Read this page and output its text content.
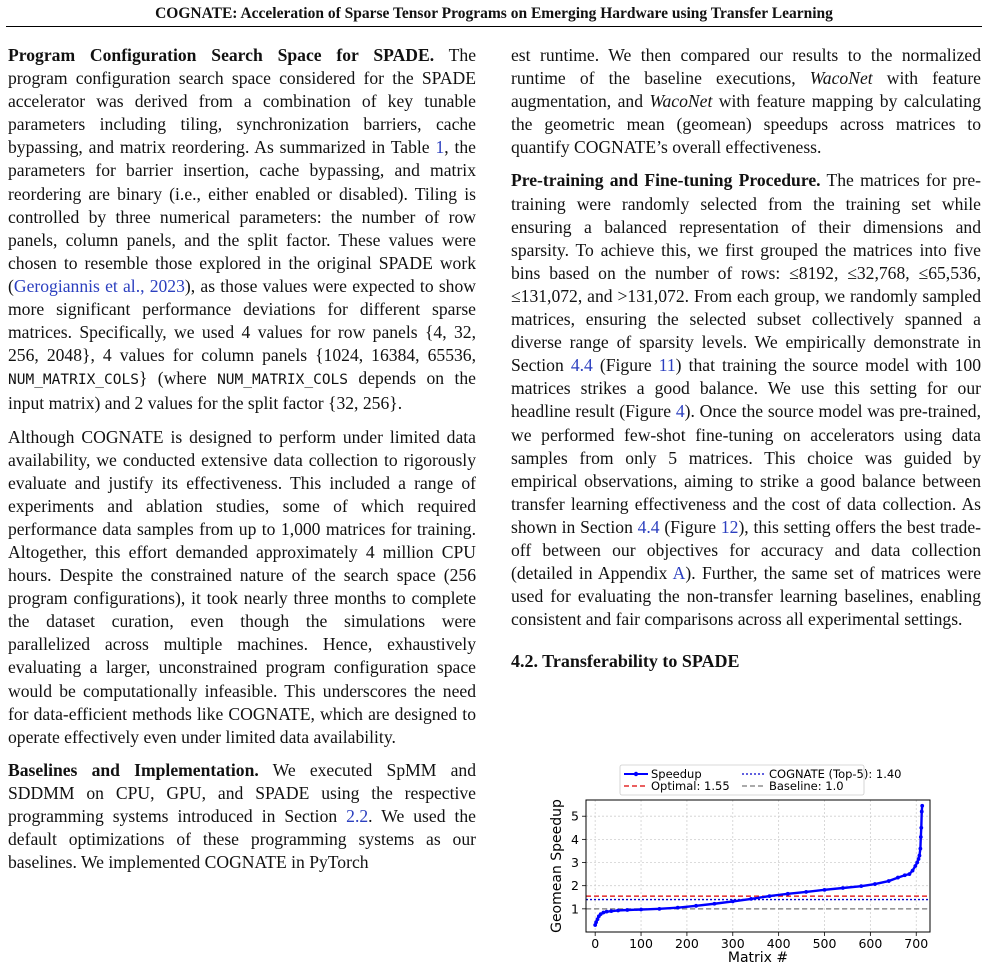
COGNATE: Acceleration of Sparse Tensor Programs on Emerging Hardware using Transfer Learning

Program Configuration Search Space for SPADE. The program configuration search space considered for the SPADE accelerator was derived from a combination of key tunable parameters including tiling, synchronization barriers, cache bypassing, and matrix reordering. As summarized in Table 1, the parameters for barrier insertion, cache bypassing, and matrix reordering are binary (i.e., either enabled or disabled). Tiling is controlled by three numerical parameters: the number of row panels, column panels, and the split factor. These values were chosen to resemble those explored in the original SPADE work (Gerogiannis et al., 2023), as those values were expected to show more significant performance deviations for different sparse matrices. Specifically, we used 4 values for row panels {4, 32, 256, 2048}, 4 values for column panels {1024, 16384, 65536, NUM_MATRIX_COLS} (where NUM_MATRIX_COLS depends on the input matrix) and 2 values for the split factor {32, 256}.

Although COGNATE is designed to perform under limited data availability, we conducted extensive data collection to rigorously evaluate and justify its effectiveness. This included a range of experiments and ablation studies, some of which required performance data samples from up to 1,000 matrices for training. Altogether, this effort demanded approximately 4 million CPU hours. Despite the constrained nature of the search space (256 program configurations), it took nearly three months to complete the dataset curation, even though the simulations were parallelized across multiple machines. Hence, exhaustively evaluating a larger, unconstrained program configuration space would be computationally infeasible. This underscores the need for data-efficient methods like COGNATE, which are designed to operate effectively even under limited data availability.

Baselines and Implementation. We executed SpMM and SDDMM on CPU, GPU, and SPADE using the respective programming systems introduced in Section 2.2. We used the default optimizations of these programming systems as our baselines. We implemented COGNATE in PyTorch

est runtime. We then compared our results to the normalized runtime of the baseline executions, WacoNet with feature augmentation, and WacoNet with feature mapping by calculating the geometric mean (geomean) speedups across matrices to quantify COGNATE’s overall effectiveness.

Pre-training and Fine-tuning Procedure. The matrices for pre-training were randomly selected from the training set while ensuring a balanced representation of their dimensions and sparsity. To achieve this, we first grouped the matrices into five bins based on the number of rows: ≤8192, ≤32,768, ≤65,536, ≤131,072, and >131,072. From each group, we randomly sampled matrices, ensuring the selected subset collectively spanned a diverse range of sparsity levels. We empirically demonstrate in Section 4.4 (Figure 11) that training the source model with 100 matrices strikes a good balance. We use this setting for our headline result (Figure 4). Once the source model was pre-trained, we performed few-shot fine-tuning on accelerators using data samples from only 5 matrices. This choice was guided by empirical observations, aiming to strike a good balance between transfer learning effectiveness and the cost of data collection. As shown in Section 4.4 (Figure 12), this setting offers the best trade-off between our objectives for accuracy and data collection (detailed in Appendix A). Further, the same set of matrices were used for evaluating the non-transfer learning baselines, enabling consistent and fair comparisons across all experimental settings.

4.2. Transferability to SPADE
0 100 200 300 400 500 600 700
1
2
3
4
5
Matrix #
Geomean Speedup
Speedup	COGNATE (Top-5): 1.40
Optimal: 1.55	Baseline: 1.0
